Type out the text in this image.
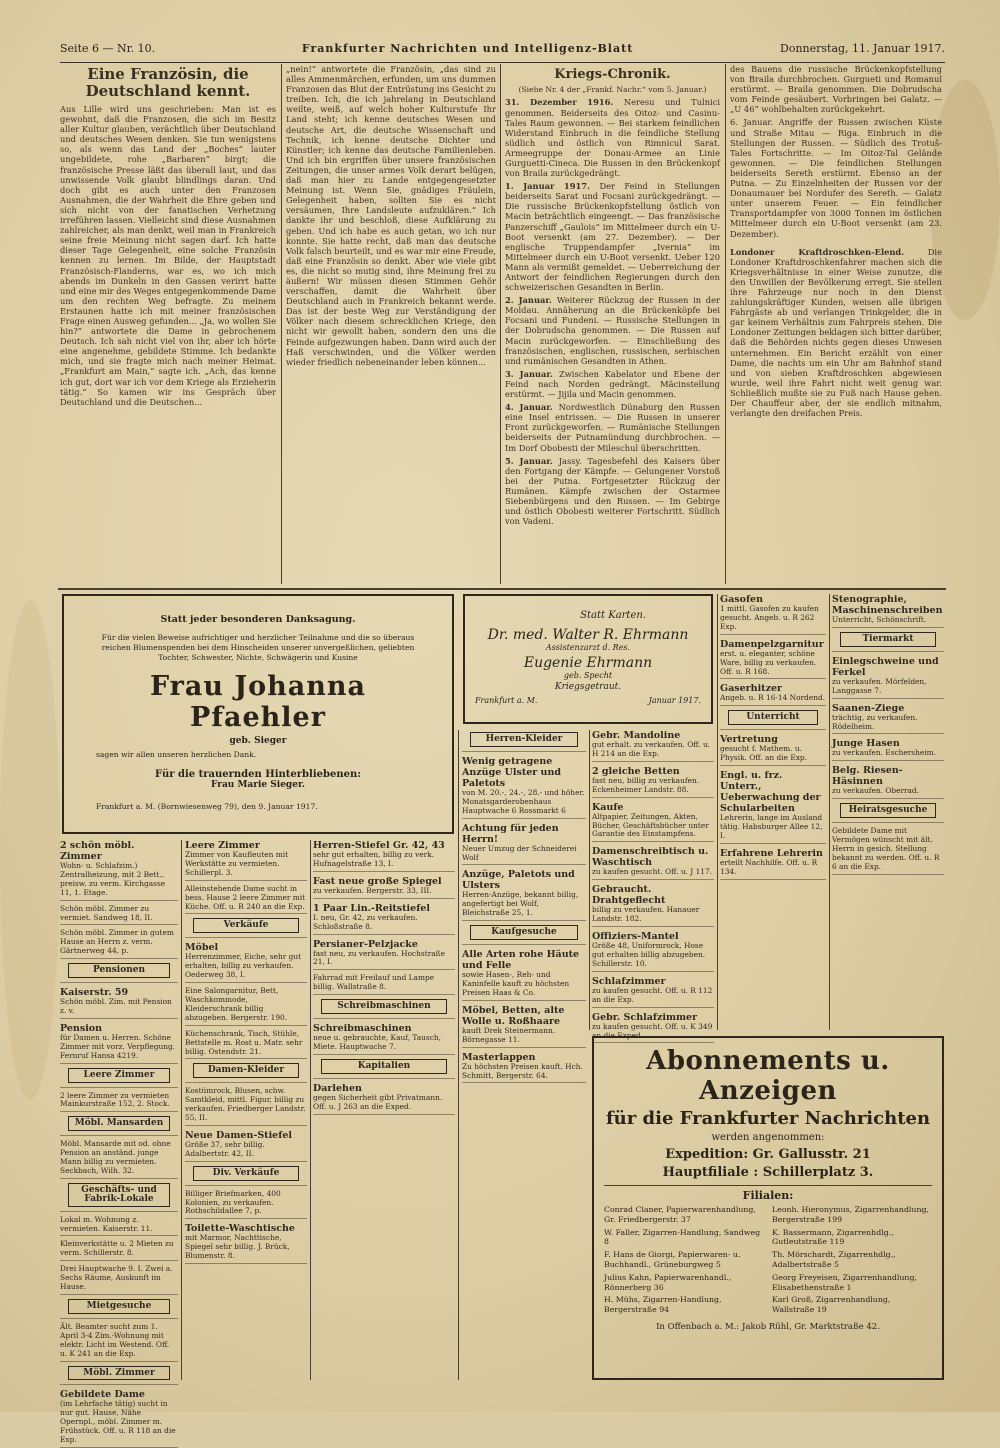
Seite 6 — Nr. 10.	Frankfurter Nachrichten und Intelligenz-Blatt	Donnerstag, 11. Januar 1917.
Eine Französin, die Deutschland kennt.
Aus Lille wird uns geschrieben: Man ist es gewohnt, daß die Franzosen, die sich im Besitz aller Kultur glauben, verächtlich über Deutschland und deutsches Wesen denken. Sie tun wenigstens so, als wenn das Land der „Boches“ lauter ungebildete, rohe „Barbaren“ birgt; die französische Presse läßt das überall laut, und das unwissende Volk glaubt blindlings daran. Und doch gibt es auch unter den Franzosen Ausnahmen, die der Wahrheit die Ehre geben und sich nicht von der fanatischen Verhetzung irreführen lassen. Vielleicht sind diese Ausnahmen zahlreicher, als man denkt, weil man in Frankreich seine freie Meinung nicht sagen darf. Ich hatte dieser Tage Gelegenheit, eine solche Französin kennen zu lernen. Im Bilde, der Hauptstadt Französisch-Flanderns, war es, wo ich mich abends im Dunkeln in den Gassen verirrt hatte und eine mir des Weges entgegenkommende Dame um den rechten Weg befragte. Zu meinem Erstaunen hatte ich mit meiner französischen Frage einen Ausweg gefunden... „Ja, wo wollen Sie hin?“ antwortete die Dame in gebrochenem Deutsch. Ich sah nicht viel von ihr, aber ich hörte eine angenehme, gebildete Stimme. Ich bedankte mich, und sie fragte mich nach meiner Heimat. „Frankfurt am Main,“ sagte ich. „Ach, das kenne ich gut, dort war ich vor dem Kriege als Erzieherin tätig.“ So kamen wir ins Gespräch über Deutschland und die Deutschen...
„nein!“ antwortete die Französin, „das sind zu alles Ammenmärchen, erfunden, um uns dummen Franzosen das Blut der Entrüstung ins Gesicht zu treiben. Ich, die ich jahrelang in Deutschland weilte, weiß, auf welch hoher Kulturstufe Ihr Land steht; ich kenne deutsches Wesen und deutsche Art, die deutsche Wissenschaft und Technik, ich kenne deutsche Dichter und Künstler; ich kenne das deutsche Familienleben. Und ich bin ergriffen über unsere französischen Zeitungen, die unser armes Volk derart belügen, daß man hier zu Lande entgegengesetzter Meinung ist. Wenn Sie, gnädiges Fräulein, Gelegenheit haben, sollten Sie es nicht versäumen, Ihre Landsleute aufzuklären.“ Ich dankte ihr und beschloß, diese Aufklärung zu geben. Und ich habe es auch getan, wo ich nur konnte. Sie hatte recht, daß man das deutsche Volk falsch beurteilt, und es war mir eine Freude, daß eine Französin so denkt. Aber wie viele gibt es, die nicht so mutig sind, ihre Meinung frei zu äußern! Wir müssen diesen Stimmen Gehör verschaffen, damit die Wahrheit über Deutschland auch in Frankreich bekannt werde. Das ist der beste Weg zur Verständigung der Völker nach diesem schrecklichen Kriege, den nicht wir gewollt haben, sondern den uns die Feinde aufgezwungen haben. Dann wird auch der Haß verschwinden, und die Völker werden wieder friedlich nebeneinander leben können...
Kriegs-Chronik.
(Siehe Nr. 4 der „Frankf. Nachr.“ vom 5. Januar.)
31. Dezember 1916. Neresu und Tulnici genommen. Beiderseits des Oitoz- und Casinu-Tales Raum gewonnen. — Bei starkem feindlichen Widerstand Einbruch in die feindliche Stellung südlich und östlich von Rimnicul Sarat. Armeegruppe der Donau-Armee an Linie Gurguetti-Cineca. Die Russen in den Brückenkopf von Braila zurückgedrängt.
1. Januar 1917. Der Feind in Stellungen beiderseits Sarat und Focsani zurückgedrängt. — Die russische Brückenkopfstellung östlich von Macin beträchtlich eingeengt. — Das französische Panzerschiff „Gaulois“ im Mittelmeer durch ein U-Boot versenkt (am 27. Dezember). — Der englische Truppendampfer „Ivernia“ im Mittelmeer durch ein U-Boot versenkt. Ueber 120 Mann als vermißt gemeldet. — Ueberreichung der Antwort der feindlichen Regierungen durch den schweizerischen Gesandten in Berlin.
2. Januar. Weiterer Rückzug der Russen in der Moldau. Annäherung an die Brückenköpfe bei Focsani und Fundeni. — Russische Stellungen in der Dobrudscha genommen. — Die Russen auf Macin zurückgeworfen. — Einschließung des französischen, englischen, russischen, serbischen und rumänischen Gesandten in Athen.
3. Januar. Zwischen Kabelator und Ebene der Feind nach Norden gedrängt. Mäcinstellung erstürmt. — Jijila und Macin genommen.
4. Januar. Nordwestlich Dünaburg den Russen eine Insel entrissen. — Die Russen in unserer Front zurückgeworfen. — Rumänische Stellungen beiderseits der Putnamündung durchbrochen. — Im Dorf Obobesti der Mileschul überschritten.
5. Januar. Jassy. Tagesbefehl des Kaisers über den Fortgang der Kämpfe. — Gelungener Vorstoß bei der Putna. Fortgesetzter Rückzug der Rumänen. Kämpfe zwischen der Ostarmee Siebenbürgens und den Russen. — Im Gebirge und östlich Obobesti weiterer Fortschritt. Südlich von Vadeni.
des Bauens die russische Brückenkopfstellung von Braila durchbrochen. Gurgueti und Romanul erstürmt. — Braila genommen. Die Dobrudscha vom Feinde gesäubert. Vorbringen bei Galatz. — „U 46“ wohlbehalten zurückgekehrt.
6. Januar. Angriffe der Russen zwischen Küste und Straße Mitau — Riga. Einbruch in die Stellungen der Russen. — Südlich des Trotuš-Tales Fortschritte. — Im Oitoz-Tal Gelände gewonnen. — Die feindlichen Stellungen beiderseits Sereth erstürmt. Ebenso an der Putna. — Zu Einzelnheiten der Russen vor der Donaumauer bei Nordufer des Sereth. — Galatz unter unserem Feuer. — Ein feindlicher Transportdampfer von 3000 Tonnen im östlichen Mittelmeer durch ein U-Boot versenkt (am 23. Dezember).
Londoner Kraftdroschken-Elend.	Die Londoner Kraftdroschkenfahrer machen sich die Kriegsverhältnisse in einer Weise zunutze, die den Unwillen der Bevölkerung erregt. Sie stellen ihre Fahrzeuge nur noch in den Dienst zahlungskräftiger Kunden, weisen alle übrigen Fahrgäste ab und verlangen Trinkgelder, die in gar keinem Verhältnis zum Fahrpreis stehen. Die Londoner Zeitungen beklagen sich bitter darüber, daß die Behörden nichts gegen dieses Unwesen unternehmen. Ein Bericht erzählt von einer Dame, die nachts um ein Uhr am Bahnhof stand und von sieben Kraftdroschken abgewiesen wurde, weil ihre Fahrt nicht weit genug war. Schließlich mußte sie zu Fuß nach Hause gehen. Der Chauffeur aber, der sie endlich mitnahm, verlangte den dreifachen Preis.
Statt jeder besonderen Danksagung.
Für die vielen Beweise aufrichtiger und herzlicher Teilnahme und die so überaus reichen Blumenspenden bei dem Hinscheiden unserer unvergeßlichen, geliebten Tochter, Schwester, Nichte, Schwägerin und Kusine
Frau Johanna Pfaehler
geb. Sieger
sagen wir allen unseren herzlichen Dank.
Für die trauernden Hinterbliebenen:
Frau Marie Sieger.
Frankfurt a. M. (Bornwiesenweg 79), den 9. Januar 1917.
Statt Karten.
Dr. med. Walter R. Ehrmann
Assistenzarzt d. Res.
Eugenie Ehrmann
geb. Specht
Kriegsgetraut.
Frankfurt a. M.	Januar 1917.
2 schön möbl. Zimmer
Wohn- u. Schlafzim.) Zentralheizung, mit 2 Bett., preisw. zu verm. Kirchgasse 11, 1. Etage.
Schön möbl. Zimmer zu vermiet. Sandweg 18, II.
Schön möbl. Zimmer in gutem Hause an Herrn z. verm. Gärtnerweg 44, p.
Pensionen
Kaiserstr. 59
Schön möbl. Zim. mit Pension z. v.
Pension
für Damen u. Herren. Schöne Zimmer mit vorz. Verpflegung. Fernruf Hansa 4219.
Leere Zimmer
2 leere Zimmer zu vermieten Mainkurstraße 152, 2. Stock.
Möbl. Mansarden
Möbl. Mansarde mit od. ohne Pension an anständ. junge Mann billig zu vermieten. Seckbach, Wilh. 32.
Geschäfts- und Fabrik-Lokale
Lokal m. Wohnung z. vermieten. Kaiserstr. 11.
Kleinverkstätte u. 2 Mieten zu verm. Schillerstr. 8.
Drei Hauptwache 9. I. Zwei a. Sechs Räume, Auskunft im Hause.
Mietgesuche
Ält. Beamter sucht zum 1. April 3-4 Zim.-Wohnung mit elektr. Licht im Westend. Off. u. K 241 an die Exp.
Möbl. Zimmer
Gebildete Dame
(im Lehrfache tätig) sucht in nur gut. Hause, Nähe Opernpl., möbl. Zimmer m. Frühstück. Off. u. R 118 an die Exp.
Leere Zimmer
Zimmer von Kaufleuten mit Werkstätte zu vermieten. Schillerpl. 3.
Alleinstehende Dame sucht in bess. Hause 2 leere Zimmer mit Küche. Off. u. R 240 an die Exp.
Verkäufe
Möbel
Herrenzimmer, Eiche, sehr gut erhalten, billig zu verkaufen. Oederweg 38, I.
Eine Salongarnitur, Bett, Waschkommode, Kleiderschrank billig abzugeben. Bergerstr. 190.
Küchenschrank, Tisch, Stühle, Bettstelle m. Rost u. Matr. sehr billig. Ostendstr. 21.
Damen-Kleider
Kostümrock, Blusen, schw. Samtkleid, mittl. Figur, billig zu verkaufen. Friedberger Landstr. 55, II.
Neue Damen-Stiefel
Größe 37, sehr billig. Adalbertstr. 42, II.
Div. Verkäufe
Billiger Briefmarken, 400 Kolonien, zu verkaufen. Rothschildallee 7, p.
Toilette-Waschtische
mit Marmor, Nachttische, Spiegel sehr billig. J. Brück, Blumenstr. 8.
Herren-Stiefel Gr. 42, 43
sehr gut erhalten, billig zu verk. Hufnagelstraße 13, I.
Fast neue große Spiegel
zu verkaufen. Bergerstr. 33, III.
1 Paar Lin.-Reitstiefel
I. neu, Gr. 42, zu verkaufen. Schloßstraße 8.
Persianer-Pelzjacke
fast neu, zu verkaufen. Hochstraße 21, I.
Fahrrad mit Freilauf und Lampe billig. Wallstraße 8.
Schreibmaschinen
Schreibmaschinen
neue u. gebrauchte, Kauf, Tausch, Miete. Hauptwache 7.
Kapitalien
Darlehen
gegen Sicherheit gibt Privatmann. Off. u. J 263 an die Exped.
Herren-Kleider
Wenig getragene Anzüge Ulster und Paletots
von M. 20.-, 24.-, 28.- und höher. Monatsgarderobenhaus Hauptwache 6 Rossmarkt 6
Achtung für jeden Herrn!
Neuer Umzug der Schneiderei Wolf
Anzüge, Paletots und Ulsters
Herren-Anzüge, bekannt billig, angefertigt bei Wolf, Bleichstraße 25, 1.
Kaufgesuche
Alle Arten rohe Häute und Felle
sowie Hasen-, Reh- und Kaninfelle kauft zu höchsten Preisen Haas & Co.
Möbel, Betten, alte Wolle u. Roßhaare
kauft Drek Steinermann. Börnegasse 11.
Masterlappen
Zu höchsten Preisen kauft. Hch. Schmitt, Bergerstr. 64.
Gebr. Mandoline
gut erhalt. zu verkaufen. Off. u. H 214 an die Exp.
2 gleiche Betten
fast neu, billig zu verkaufen. Eckenheimer Landstr. 88.
Kaufe
Altpapier, Zeitungen, Akten, Bücher, Geschäftsbücher unter Garantie des Einstampfens.
Damenschreibtisch u. Waschtisch
zu kaufen gesucht. Off. u. J 117.
Gebraucht. Drahtgeflecht
billig zu verkaufen. Hanauer Landstr. 182.
Offiziers-Mantel
Größe 48, Uniformrock, Hose gut erhalten billig abzugeben. Schillerstr. 10.
Schlafzimmer
zu kaufen gesucht. Off. u. R 112 an die Exp.
Gebr. Schlafzimmer
zu kaufen gesucht. Off. u. K 349 an die Exped.
Gasofen
1 mittl. Gasofen zu kaufen gesucht. Angeb. u. R 262 Exp.
Damenpelzgarnitur
erst. u. eleganter, schöne Ware, billig zu verkaufen. Off. u. R 168.
Gaserhitzer
Angeb. u. R 16-14 Nordend.
Unterricht
Vertretung
gesucht f. Mathem. u. Physik. Off. an die Exp.
Engl. u. frz. Unterr., Ueberwachung der Schularbeiten
Lehrerin, lange im Ausland tätig. Habsburger Allee 12, I.
Erfahrene Lehrerin
erteilt Nachhilfe. Off. u. R 134.
Stenographie, Maschinenschreiben
Unterricht, Schönschrift.
Tiermarkt
Einlegschweine und Ferkel
zu verkaufen. Mörfelden, Langgasse 7.
Saanen-Ziege
trächtig, zu verkaufen. Rödelheim.
Junge Hasen
zu verkaufen. Eschersheim.
Belg. Riesen-Häsinnen
zu verkaufen. Oberrad.
Heiratsgesuche
Gebildete Dame mit Vermögen wünscht mit ält. Herrn in gesich. Stellung bekannt zu werden. Off. u. R 6 an die Exp.
Abonnements u. Anzeigen
für die Frankfurter Nachrichten
werden angenommen:
Expedition: Gr. Gallusstr. 21
Hauptfiliale : Schillerplatz 3.
Filialen:
Conrad Claner, Papierwarenhandlung, Gr. Friedbergerstr. 37
W. Faller, Zigarren-Handlung, Sandweg 8
F. Hans de Giorgi, Papierwaren- u. Buchhandl., Grüneburgweg 5
Julius Kahn, Papierwarenhandl., Rönnerberg 36
H. Mühs, Zigarren-Handlung, Bergerstraße 94
Leonh. Hieronymus, Zigarrenhandlung, Bergerstraße 199
K. Bassermann, Zigarrenhdlg., Gutleutstraße 119
Th. Mörschardt, Zigarrenhdlg., Adalbertstraße 5
Georg Freyeisen, Zigarrenhandlung, Elisabethenstraße 1
Karl Groß, Zigarrenhandlung, Wallstraße 19
In Offenbach a. M.: Jakob Rühl, Gr. Marktstraße 42.
